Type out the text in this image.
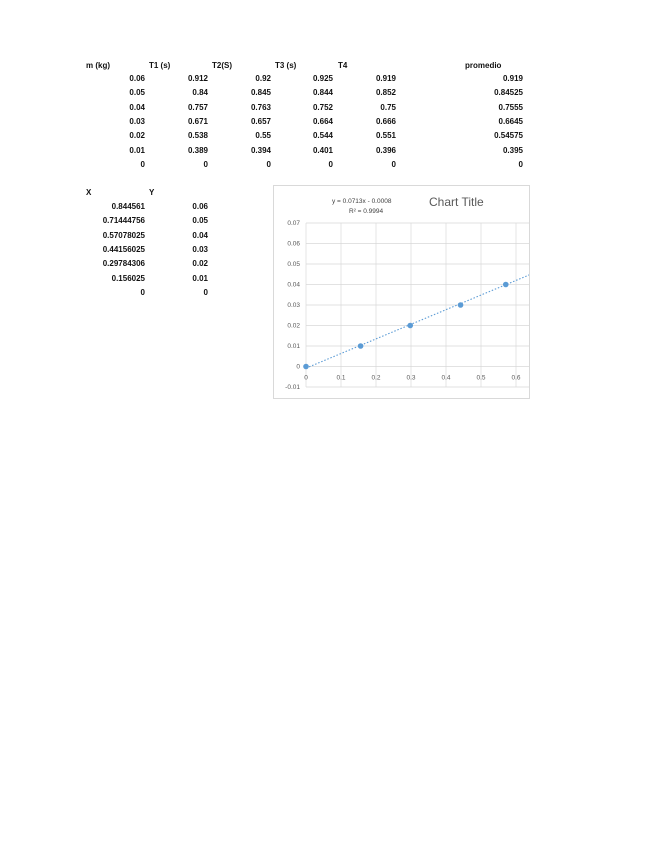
m (kg)	T1 (s)	T2(S)	T3 (s)	T4	promedio
0.06	0.912	0.92	0.925	0.919	0.919
0.05	0.84	0.845	0.844	0.852	0.84525
0.04	0.757	0.763	0.752	0.75	0.7555
0.03	0.671	0.657	0.664	0.666	0.6645
0.02	0.538	0.55	0.544	0.551	0.54575
0.01	0.389	0.394	0.401	0.396	0.395
0	0	0	0	0	0
X	Y
0.844561	0.06
0.71444756	0.05
0.57078025	0.04
0.44156025	0.03
0.29784306	0.02
0.156025	0.01
0	0
0.07
0.06
0.05
0.04
0.03
0.02
0.01
0
-0.01
0	0.1	0.2	0.3	0.4	0.5	0.6
Chart Title
y = 0.0713x - 0.0008
R² = 0.9994
